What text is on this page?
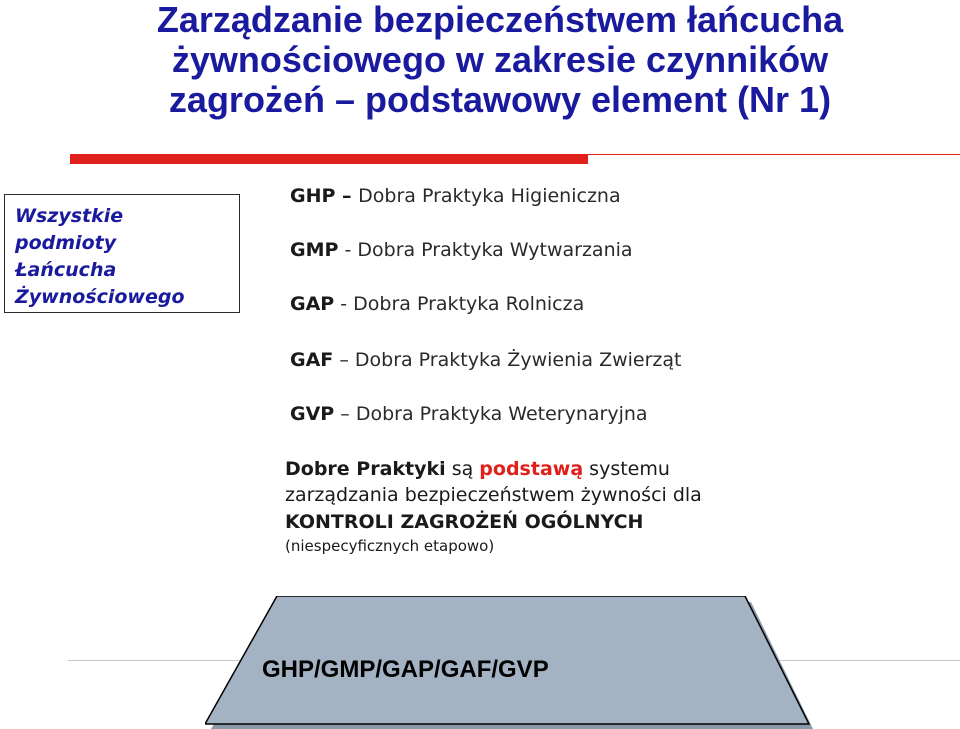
Zarządzanie bezpieczeństwem łańcucha
żywnościowego w zakresie czynników
zagrożeń – podstawowy element (Nr 1)
Wszystkie
podmioty
Łańcucha
Żywnościowego
GHP – Dobra Praktyka Higieniczna
GMP - Dobra Praktyka Wytwarzania
GAP - Dobra Praktyka Rolnicza
GAF – Dobra Praktyka Żywienia Zwierząt
GVP – Dobra Praktyka Weterynaryjna
Dobre Praktyki są podstawą systemu
zarządzania bezpieczeństwem żywności dla
KONTROLI ZAGROŻEŃ OGÓLNYCH
(niespecyficznych etapowo)
GHP/GMP/GAP/GAF/GVP
